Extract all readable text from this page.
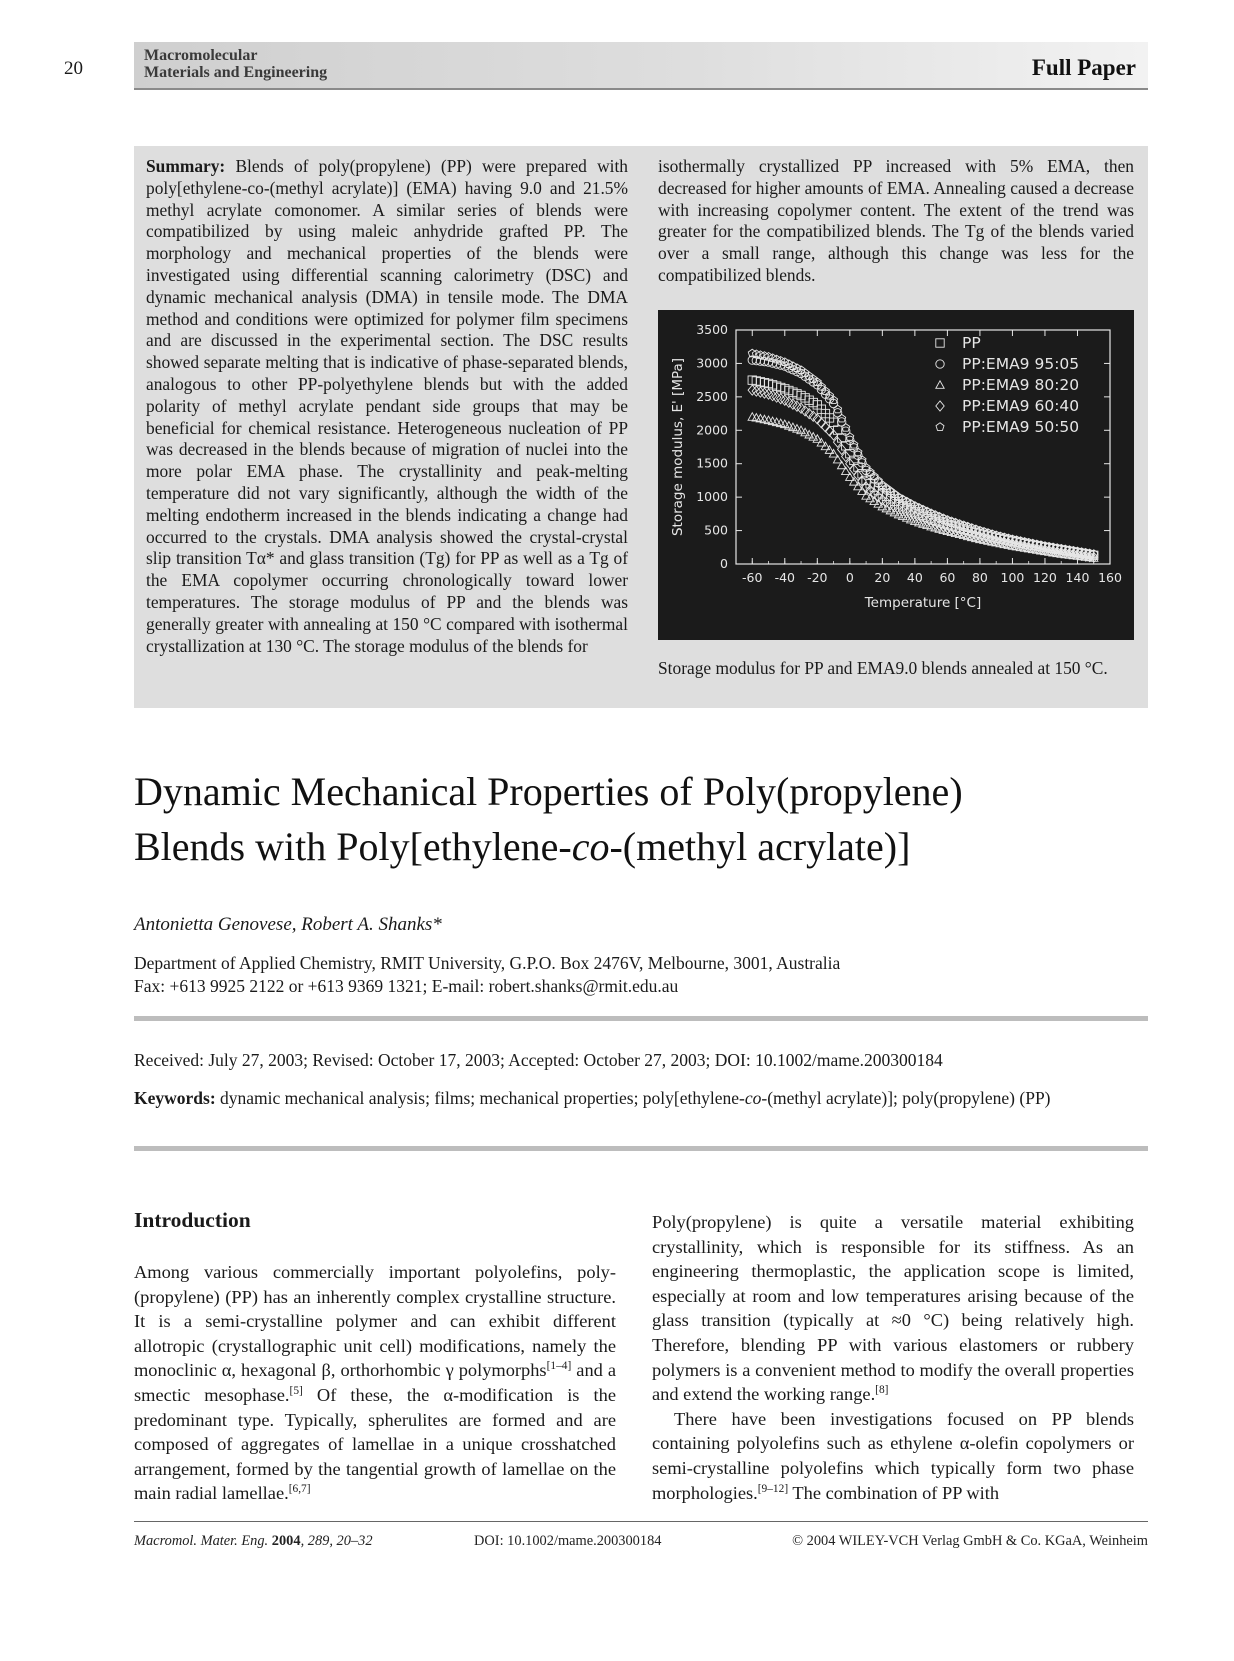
20
Macromolecular
Materials and Engineering	Full Paper

Summary: Blends of poly(propylene) (PP) were prepared with poly[ethylene-co-(methyl acrylate)] (EMA) having 9.0 and 21.5% methyl acrylate comonomer. A similar series of blends were compatibilized by using maleic anhydride grafted PP. The morphology and mechanical properties of the blends were investigated using differential scanning calorimetry (DSC) and dynamic mechanical analysis (DMA) in tensile mode. The DMA method and conditions were optimized for polymer film specimens and are discussed in the experimental section. The DSC results showed separate melting that is indicative of phase-separated blends, analogous to other PP-polyethylene blends but with the added polarity of methyl acrylate pendant side groups that may be beneficial for chemical resistance. Heterogeneous nucleation of PP was decreased in the blends because of migration of nuclei into the more polar EMA phase. The crystallinity and peak-melting temperature did not vary significantly, although the width of the melting endotherm increased in the blends indicating a change had occurred to the crystals. DMA analysis showed the crystal-crystal slip transition Tα* and glass transition (Tg) for PP as well as a Tg of the EMA copolymer occurring chronologically toward lower temperatures. The storage modulus of PP and the blends was generally greater with annealing at 150 °C compared with isothermal crystallization at 130 °C. The storage modulus of the blends for

isothermally crystallized PP increased with 5% EMA, then decreased for higher amounts of EMA. Annealing caused a decrease with increasing copolymer content. The extent of the trend was greater for the compatibilized blends. The Tg of the blends varied over a small range, although this change was less for the compatibilized blends.

-60 -40 -20 0 20 40 60 80 100 120 140 160
0
500
1000
1500
2000
2500
3000
3500
Temperature [°C]
Storage modulus, E' [MPa]
PP
PP:EMA9 95:05
PP:EMA9 80:20
PP:EMA9 60:40
PP:EMA9 50:50
Storage modulus for PP and EMA9.0 blends annealed at 150 °C.
Dynamic Mechanical Properties of Poly(propylene)
Blends with Poly[ethylene-co-(methyl acrylate)]
Antonietta Genovese, Robert A. Shanks*
Department of Applied Chemistry, RMIT University, G.P.O. Box 2476V, Melbourne, 3001, Australia
Fax: +613 9925 2122 or +613 9369 1321; E-mail: robert.shanks@rmit.edu.au
Received: July 27, 2003; Revised: October 17, 2003; Accepted: October 27, 2003; DOI: 10.1002/mame.200300184
Keywords: dynamic mechanical analysis; films; mechanical properties; poly[ethylene-co-(methyl acrylate)]; poly(propylene) (PP)
Introduction

Among various commercially important polyolefins, poly-(propylene) (PP) has an inherently complex crystalline structure. It is a semi-crystalline polymer and can exhibit different allotropic (crystallographic unit cell) modifications, namely the monoclinic α, hexagonal β, orthorhombic γ polymorphs[1–4] and a smectic mesophase.[5] Of these, the α-modification is the predominant type. Typically, spherulites are formed and are composed of aggregates of lamellae in a unique crosshatched arrangement, formed by the tangential growth of lamellae on the main radial lamellae.[6,7]

Poly(propylene) is quite a versatile material exhibiting crystallinity, which is responsible for its stiffness. As an engineering thermoplastic, the application scope is limited, especially at room and low temperatures arising because of the glass transition (typically at ≈0 °C) being relatively high. Therefore, blending PP with various elastomers or rubbery polymers is a convenient method to modify the overall properties and extend the working range.[8]

There have been investigations focused on PP blends containing polyolefins such as ethylene α-olefin copolymers or semi-crystalline polyolefins which typically form two phase morphologies.[9–12] The combination of PP with

Macromol. Mater. Eng. 2004, 289, 20–32	DOI: 10.1002/mame.200300184	© 2004 WILEY-VCH Verlag GmbH & Co. KGaA, Weinheim
